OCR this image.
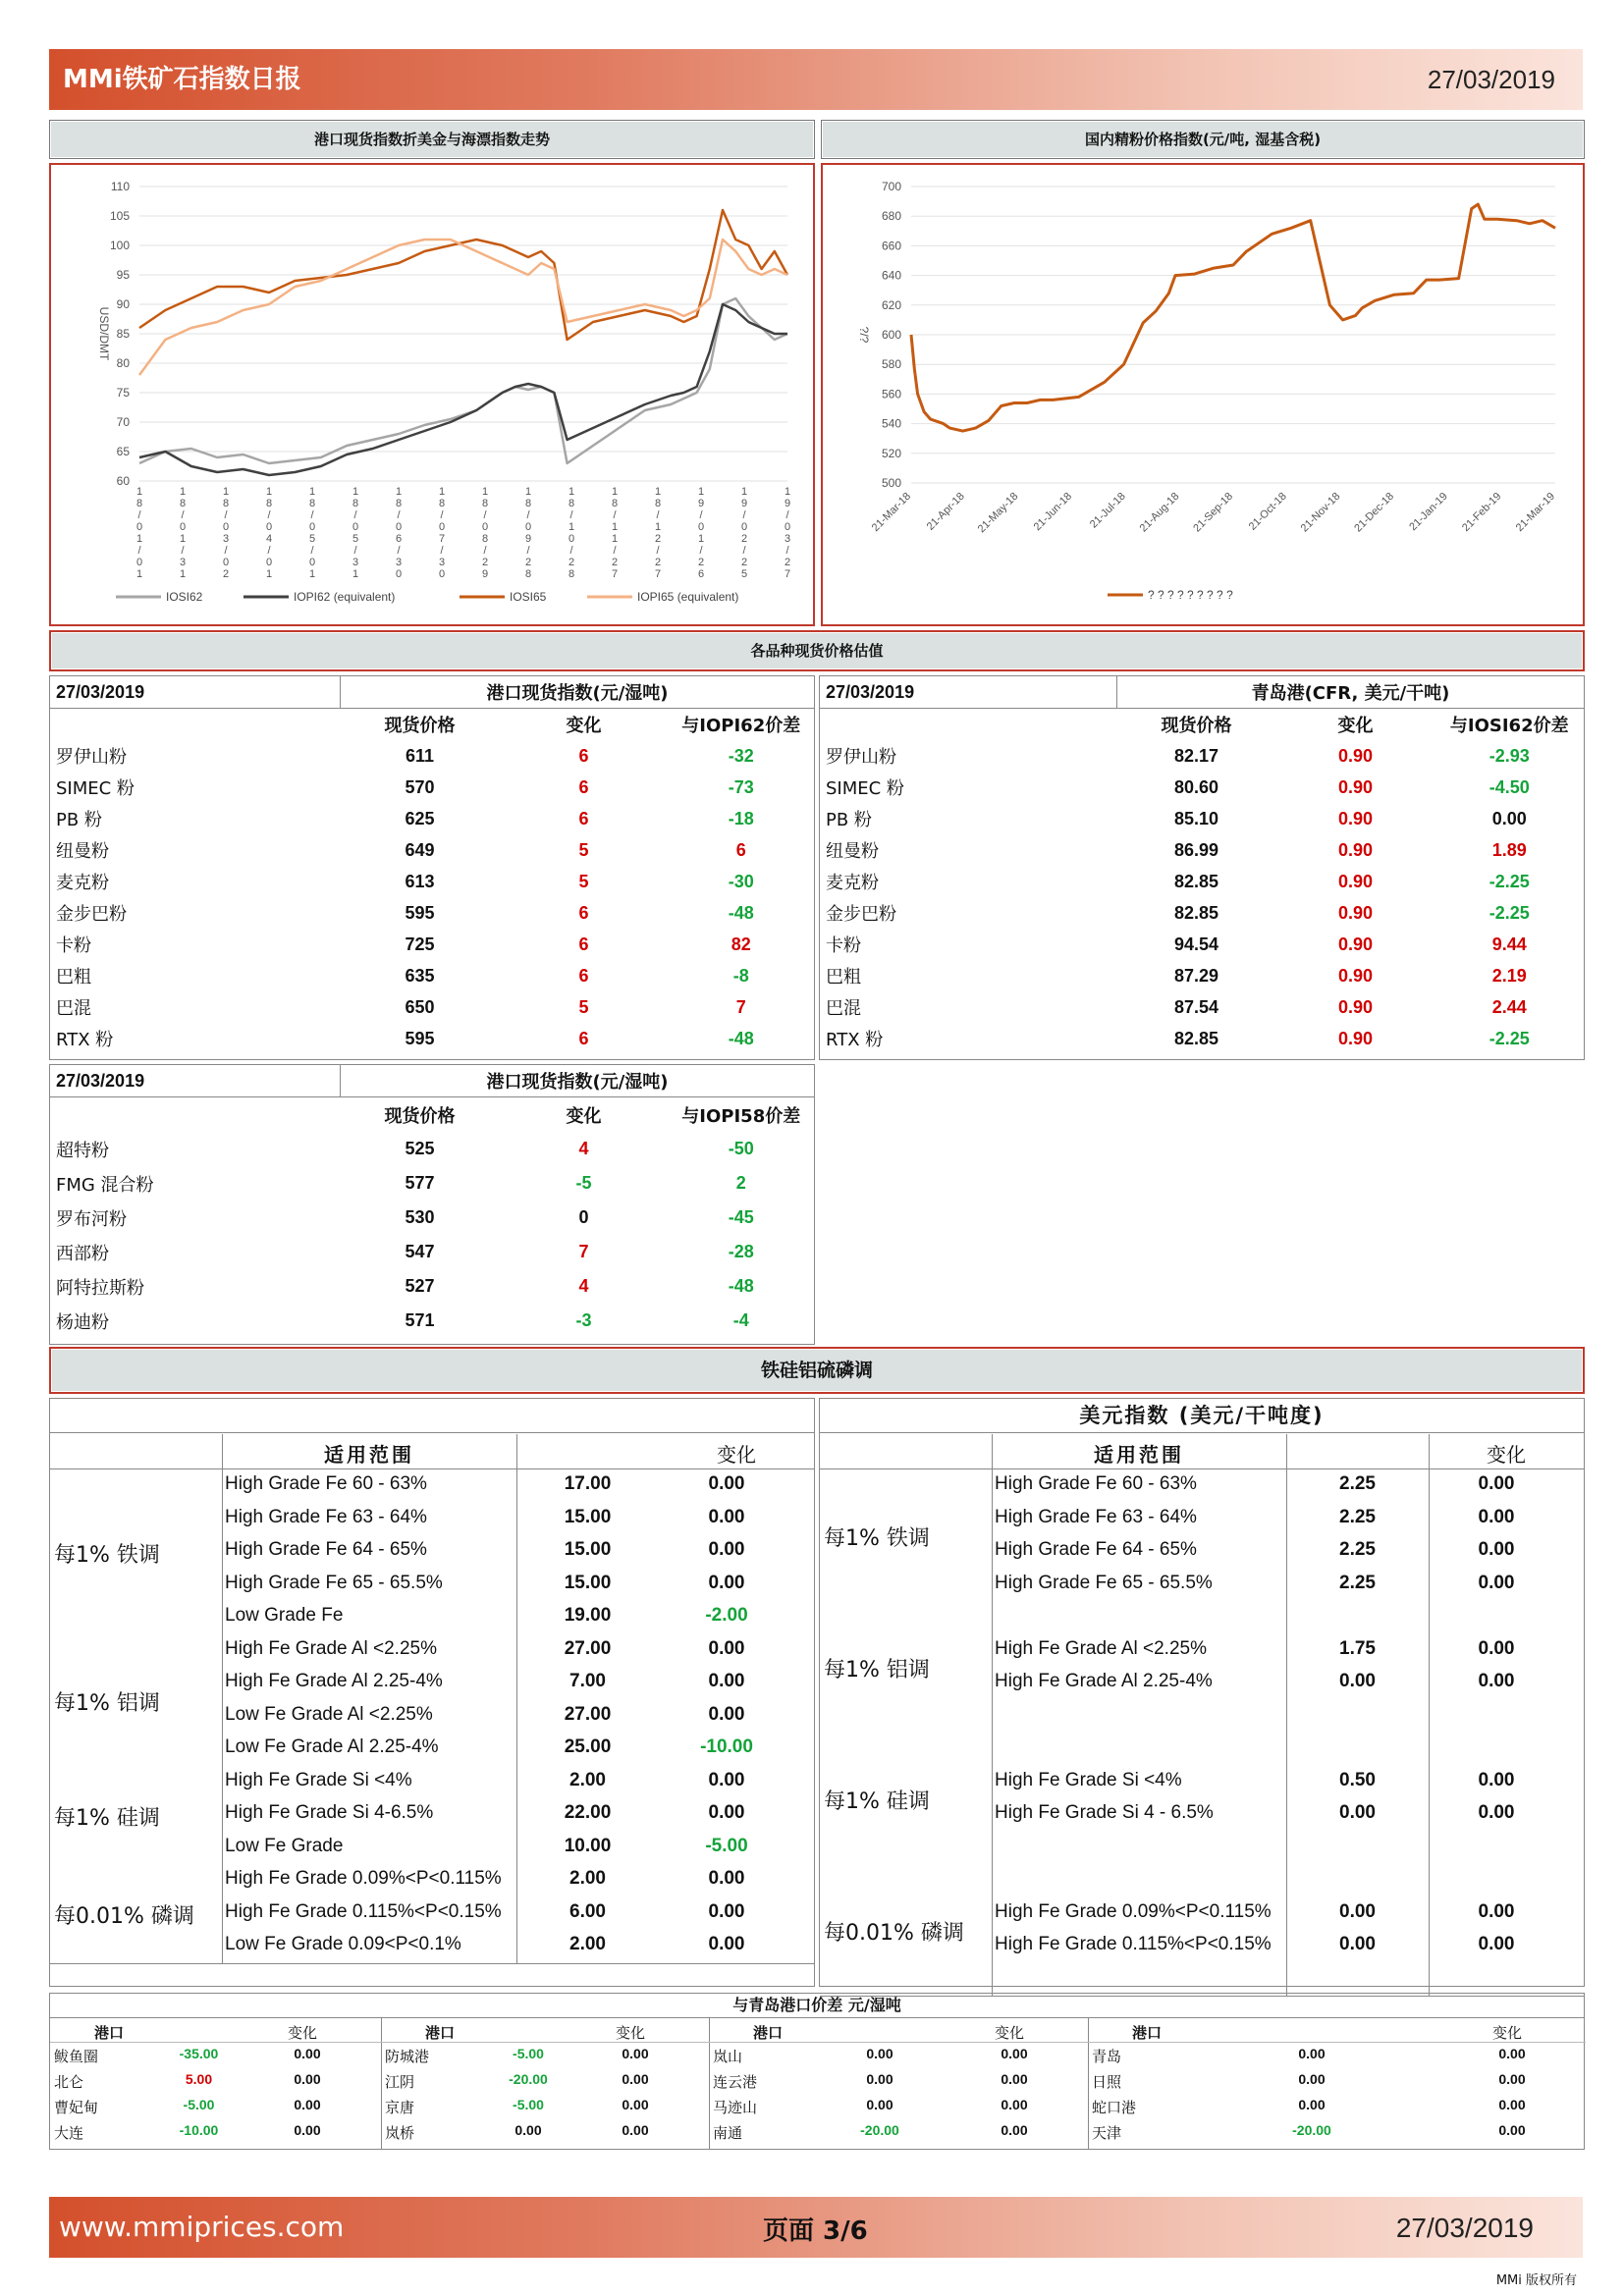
MMi铁矿石指数日报	27/03/2019
港口现货指数折美金与海漂指数走势	国内精粉价格指数(元/吨, 湿基含税)
60
65
70
75
80
85
90
95
100
105
110
USD/DMT
1 8 / 0 1 / 0 1
1 8 / 0 1 / 3 1
1 8 / 0 3 / 0 2
1 8 / 0 4 / 0 1
1 8 / 0 5 / 0 1
1 8 / 0 5 / 3 1
1 8 / 0 6 / 3 0
1 8 / 0 7 / 3 0
1 8 / 0 8 / 2 9
1 8 / 0 9 / 2 8
1 8 / 1 0 / 2 8
1 8 / 1 1 / 2 7
1 8 / 1 2 / 2 7
1 9 / 0 1 / 2 6
1 9 / 0 2 / 2 5
1 9 / 0 3 / 2 7
IOSI62	IOPI62 (equivalent)	IOSI65	IOPI65 (equivalent)
500
520
540
560
580
600
620
640
660
680
700
?/?
21-Mar-18 21-Apr-18 21-May-18 21-Jun-18 21-Jul-18 21-Aug-18 21-Sep-18 21-Oct-18 21-Nov-18 21-Dec-18 21-Jan-19 21-Feb-19 21-Mar-19
? ? ? ? ? ? ? ? ?
各品种现货价格估值
27/03/2019	港口现货指数(元/湿吨)		
	现货价格	变化	与IOPI62价差
罗伊山粉	611	6	-32
SIMEC 粉	570	6	-73
PB 粉	625	6	-18
纽曼粉	649	5	6
麦克粉	613	5	-30
金步巴粉	595	6	-48
卡粉	725	6	82
巴粗	635	6	-8
巴混	650	5	7
RTX 粉	595	6	-48
27/03/2019	青岛港(CFR, 美元/干吨)		
	现货价格	变化	与IOSI62价差
罗伊山粉	82.17	0.90	-2.93
SIMEC 粉	80.60	0.90	-4.50
PB 粉	85.10	0.90	0.00
纽曼粉	86.99	0.90	1.89
麦克粉	82.85	0.90	-2.25
金步巴粉	82.85	0.90	-2.25
卡粉	94.54	0.90	9.44
巴粗	87.29	0.90	2.19
巴混	87.54	0.90	2.44
RTX 粉	82.85	0.90	-2.25
27/03/2019	港口现货指数(元/湿吨)		
	现货价格	变化	与IOPI58价差
超特粉	525	4	-50
FMG 混合粉	577	-5	2
罗布河粉	530	0	-45
西部粉	547	7	-28
阿特拉斯粉	527	4	-48
杨迪粉	571	-3	-4
铁硅铝硫磷调
适用范围	变化
每1% 铁调
High Grade Fe 60 - 63%	17.00	0.00
High Grade Fe 63 - 64%	15.00	0.00
High Grade Fe 64 - 65%	15.00	0.00
High Grade Fe 65 - 65.5%	15.00	0.00
Low Grade Fe	19.00	-2.00
每1% 铝调
High Fe Grade Al <2.25%	27.00	0.00
High Fe Grade Al 2.25-4%	7.00	0.00
Low Fe Grade Al <2.25%	27.00	0.00
Low Fe Grade Al 2.25-4%	25.00	-10.00
每1% 硅调
High Fe Grade Si <4%	2.00	0.00
High Fe Grade Si 4-6.5%	22.00	0.00
Low Fe Grade	10.00	-5.00
每0.01% 磷调
High Fe Grade 0.09%<P<0.115%	2.00	0.00
High Fe Grade 0.115%<P<0.15%	6.00	0.00
Low Fe Grade 0.09<P<0.1%	2.00	0.00
美元指数 (美元/干吨度)
适用范围	变化
每1% 铁调
High Grade Fe 60 - 63%	2.25	0.00
High Grade Fe 63 - 64%	2.25	0.00
High Grade Fe 64 - 65%	2.25	0.00
High Grade Fe 65 - 65.5%	2.25	0.00
每1% 铝调
High Fe Grade Al <2.25%	1.75	0.00
High Fe Grade Al 2.25-4%	0.00	0.00
每1% 硅调
High Fe Grade Si <4%	0.50	0.00
High Fe Grade Si 4 - 6.5%	0.00	0.00
每0.01% 磷调
High Fe Grade 0.09%<P<0.115%	0.00	0.00
High Fe Grade 0.115%<P<0.15%	0.00	0.00
与青岛港口价差 元/湿吨
港口	变化
鲅鱼圈	-35.00	0.00
北仑	5.00	0.00
曹妃甸	-5.00	0.00
大连	-10.00	0.00
港口	变化
防城港	-5.00	0.00
江阴	-20.00	0.00
京唐	-5.00	0.00
岚桥	0.00	0.00
港口	变化
岚山	0.00	0.00
连云港	0.00	0.00
马迹山	0.00	0.00
南通	-20.00	0.00
港口	变化
青岛	0.00	0.00
日照	0.00	0.00
蛇口港	0.00	0.00
天津	-20.00	0.00
www.mmiprices.com	页面 3/6	27/03/2019
MMi 版权所有
